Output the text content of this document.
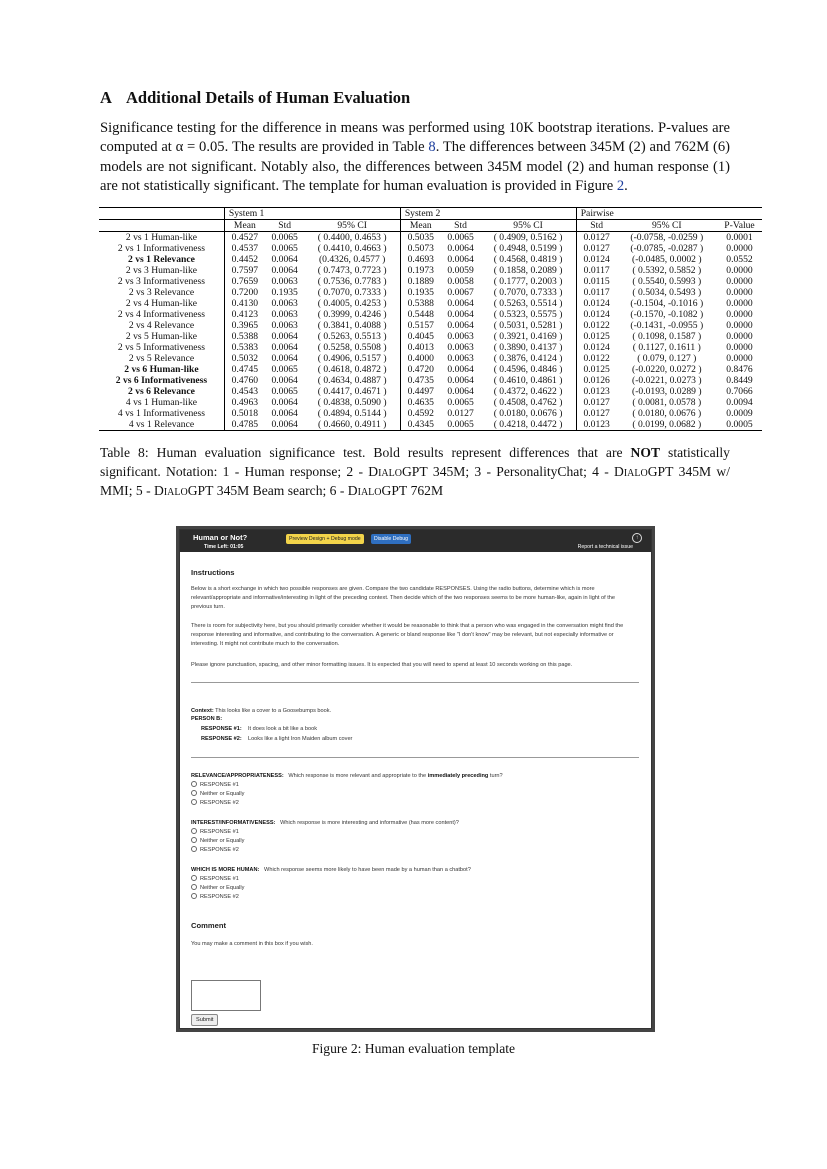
A Additional Details of Human Evaluation
Significance testing for the difference in means was performed using 10K bootstrap iterations. P-values are computed at α = 0.05. The results are provided in Table 8. The differences between 345M (2) and 762M (6) models are not significant. Notably also, the differences between 345M model (2) and human response (1) are not statistically significant. The template for human evaluation is provided in Figure 2.
	System 1			System 2			Pairwise		
	Mean	Std	95% CI	Mean	Std	95% CI	Std	95% CI	P-Value
2 vs 1 Human-like	0.4527	0.0065	( 0.4400, 0.4653 )	0.5035	0.0065	( 0.4909, 0.5162 )	0.0127	(-0.0758, -0.0259 )	0.0001
2 vs 1 Informativeness	0.4537	0.0065	( 0.4410, 0.4663 )	0.5073	0.0064	( 0.4948, 0.5199 )	0.0127	(-0.0785, -0.0287 )	0.0000
2 vs 1 Relevance	0.4452	0.0064	(0.4326, 0.4577 )	0.4693	0.0064	( 0.4568, 0.4819 )	0.0124	(-0.0485, 0.0002 )	0.0552
2 vs 3 Human-like	0.7597	0.0064	( 0.7473, 0.7723 )	0.1973	0.0059	( 0.1858, 0.2089 )	0.0117	( 0.5392, 0.5852 )	0.0000
2 vs 3 Informativeness	0.7659	0.0063	( 0.7536, 0.7783 )	0.1889	0.0058	( 0.1777, 0.2003 )	0.0115	( 0.5540, 0.5993 )	0.0000
2 vs 3 Relevance	0.7200	0.1935	( 0.7070, 0.7333 )	0.1935	0.0067	( 0.7070, 0.7333 )	0.0117	( 0.5034, 0.5493 )	0.0000
2 vs 4 Human-like	0.4130	0.0063	( 0.4005, 0.4253 )	0.5388	0.0064	( 0.5263, 0.5514 )	0.0124	(-0.1504, -0.1016 )	0.0000
2 vs 4 Informativeness	0.4123	0.0063	( 0.3999, 0.4246 )	0.5448	0.0064	( 0.5323, 0.5575 )	0.0124	(-0.1570, -0.1082 )	0.0000
2 vs 4 Relevance	0.3965	0.0063	( 0.3841, 0.4088 )	0.5157	0.0064	( 0.5031, 0.5281 )	0.0122	(-0.1431, -0.0955 )	0.0000
2 vs 5 Human-like	0.5388	0.0064	( 0.5263, 0.5513 )	0.4045	0.0063	( 0.3921, 0.4169 )	0.0125	( 0.1098, 0.1587 )	0.0000
2 vs 5 Informativeness	0.5383	0.0064	( 0.5258, 0.5508 )	0.4013	0.0063	( 0.3890, 0.4137 )	0.0124	( 0.1127, 0.1611 )	0.0000
2 vs 5 Relevance	0.5032	0.0064	( 0.4906, 0.5157 )	0.4000	0.0063	( 0.3876, 0.4124 )	0.0122	( 0.079, 0.127 )	0.0000
2 vs 6 Human-like	0.4745	0.0065	( 0.4618, 0.4872 )	0.4720	0.0064	( 0.4596, 0.4846 )	0.0125	(-0.0220, 0.0272 )	0.8476
2 vs 6 Informativeness	0.4760	0.0064	( 0.4634, 0.4887 )	0.4735	0.0064	( 0.4610, 0.4861 )	0.0126	(-0.0221, 0.0273 )	0.8449
2 vs 6 Relevance	0.4543	0.0065	( 0.4417, 0.4671 )	0.4497	0.0064	( 0.4372, 0.4622 )	0.0123	(-0.0193, 0.0289 )	0.7066
4 vs 1 Human-like	0.4963	0.0064	( 0.4838, 0.5090 )	0.4635	0.0065	( 0.4508, 0.4762 )	0.0127	( 0.0081, 0.0578 )	0.0094
4 vs 1 Informativeness	0.5018	0.0064	( 0.4894, 0.5144 )	0.4592	0.0127	( 0.0180, 0.0676 )	0.0127	( 0.0180, 0.0676 )	0.0009
4 vs 1 Relevance	0.4785	0.0064	( 0.4660, 0.4911 )	0.4345	0.0065	( 0.4218, 0.4472 )	0.0123	( 0.0199, 0.0682 )	0.0005
Table 8: Human evaluation significance test. Bold results represent differences that are NOT statistically significant. Notation: 1 - Human response; 2 - DialoGPT 345M; 3 - PersonalityChat; 4 - DialoGPT 345M w/ MMI; 5 - DialoGPT 345M Beam search; 6 - DialoGPT 762M
Human or Not?
Time Left: 01:05
Preview Design + Debug mode	Disable Debug
Report a technical issue
↑
Instructions
Below is a short exchange in which two possible responses are given. Compare the two candidate RESPONSES. Using the radio buttons, determine which is more relevant/appropriate and informative/interesting in light of the preceding context. Then decide which of the two responses seems to be more human-like, again in light of the previous turn.
There is room for subjectivity here, but you should primarily consider whether it would be reasonable to think that a person who was engaged in the conversation might find the response interesting and informative, and contributing to the conversation. A generic or bland response like "I don't know" may be relevant, but not especially informative or interesting. It might not contribute much to the conversation.
Please ignore punctuation, spacing, and other minor formatting issues. It is expected that you will need to spend at least 10 seconds working on this page.
Context: This looks like a cover to a Goosebumps book.
PERSON B:
RESPONSE #1: It does look a bit like a book
RESPONSE #2: Looks like a light Iron Maiden album cover
RELEVANCE/APPROPRIATENESS: Which response is more relevant and appropriate to the immediately preceding turn?
RESPONSE #1
Neither or Equally
RESPONSE #2
INTEREST/INFORMATIVENESS: Which response is more interesting and informative (has more content)?
RESPONSE #1
Neither or Equally
RESPONSE #2
WHICH IS MORE HUMAN: Which response seems more likely to have been made by a human than a chatbot?
RESPONSE #1
Neither or Equally
RESPONSE #2
Comment
You may make a comment in this box if you wish.
Submit
Figure 2: Human evaluation template
